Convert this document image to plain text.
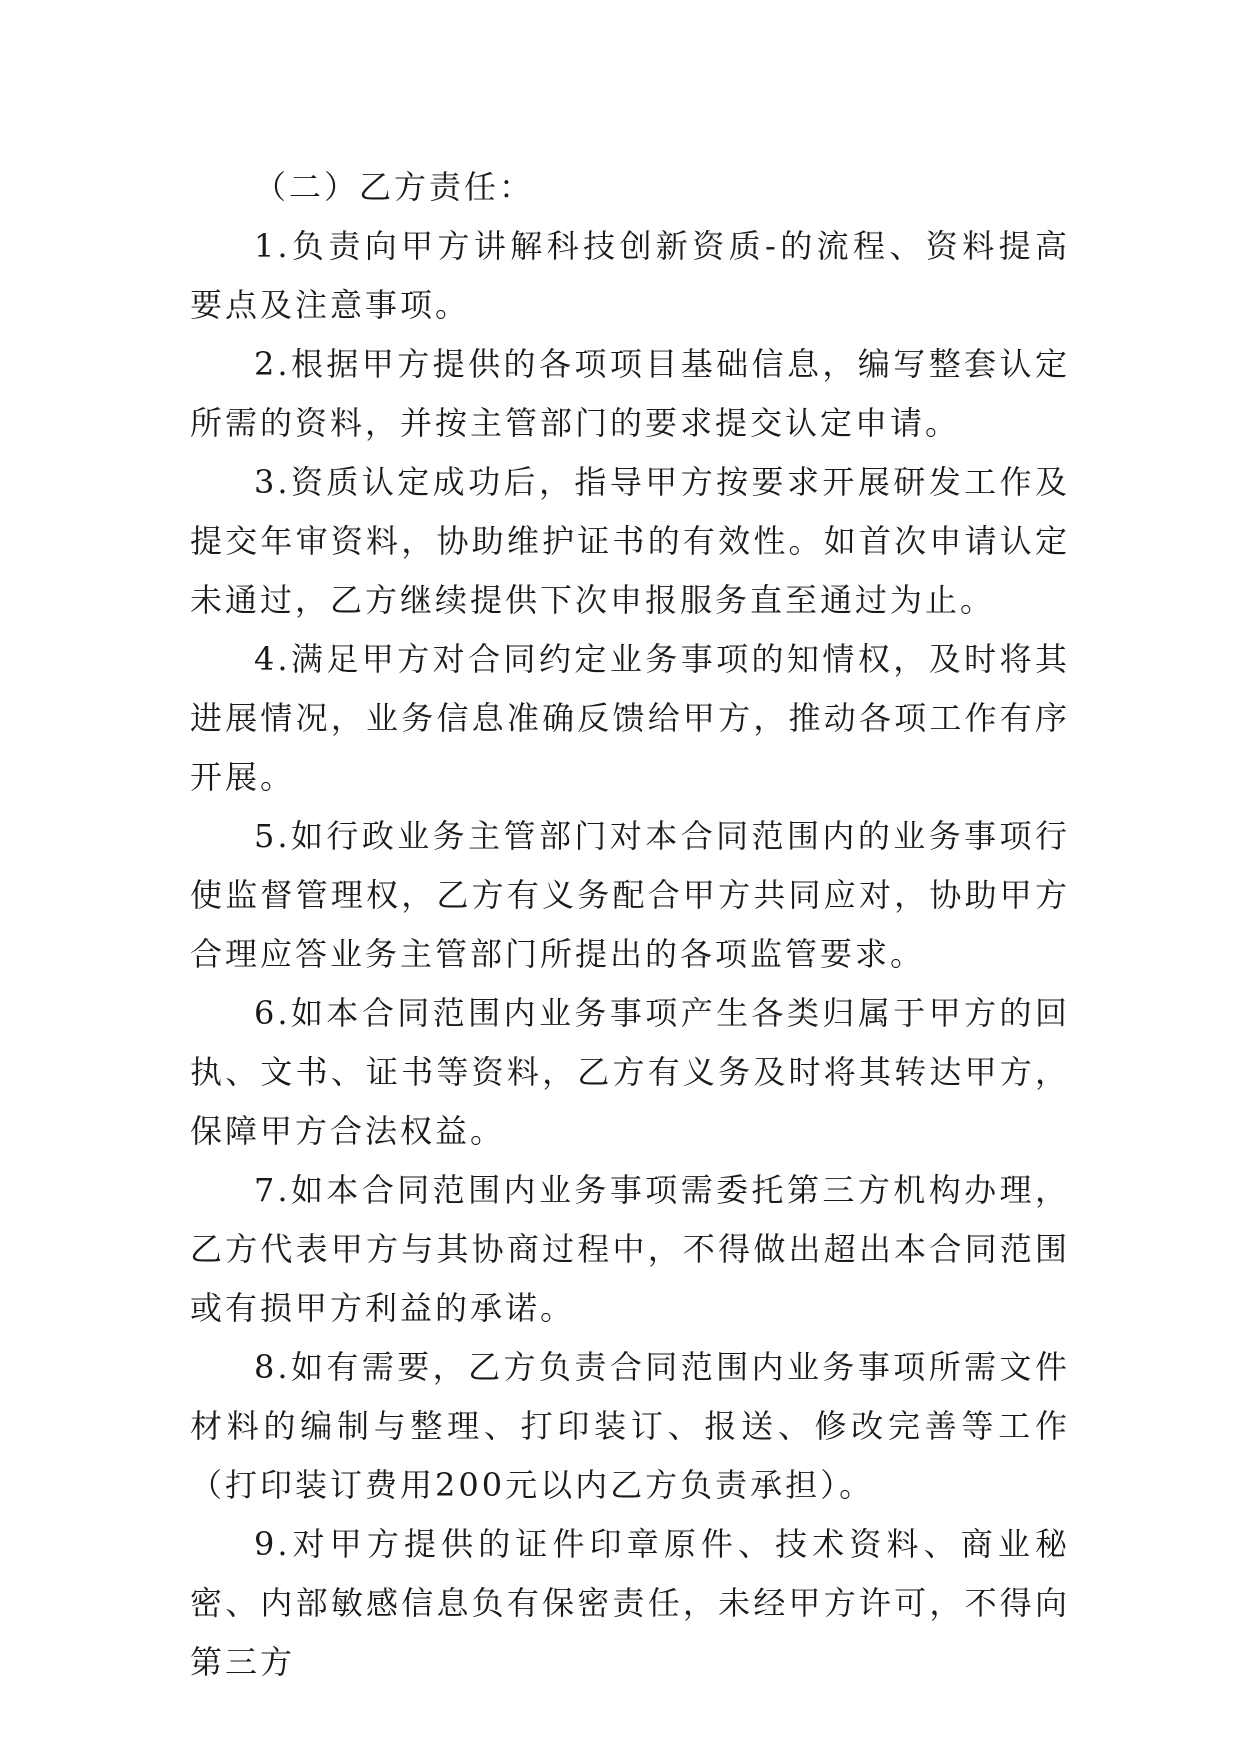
（二）乙方责任：

1.负责向甲方讲解科技创新资质-的流程、资料提高要点及注意事项。

2.根据甲方提供的各项项目基础信息，编写整套认定所需的资料，并按主管部门的要求提交认定申请。

3.资质认定成功后，指导甲方按要求开展研发工作及提交年审资料，协助维护证书的有效性。如首次申请认定未通过，乙方继续提供下次申报服务直至通过为止。

4.满足甲方对合同约定业务事项的知情权，及时将其进展情况，业务信息准确反馈给甲方，推动各项工作有序开展。

5.如行政业务主管部门对本合同范围内的业务事项行使监督管理权，乙方有义务配合甲方共同应对，协助甲方合理应答业务主管部门所提出的各项监管要求。

6.如本合同范围内业务事项产生各类归属于甲方的回执、文书、证书等资料，乙方有义务及时将其转达甲方，保障甲方合法权益。

7.如本合同范围内业务事项需委托第三方机构办理，乙方代表甲方与其协商过程中，不得做出超出本合同范围或有损甲方利益的承诺。

8.如有需要，乙方负责合同范围内业务事项所需文件材料的编制与整理、打印装订、报送、修改完善等工作（打印装订费用200元以内乙方负责承担）。

9.对甲方提供的证件印章原件、技术资料、商业秘密、内部敏感信息负有保密责任，未经甲方许可，不得向第三方
